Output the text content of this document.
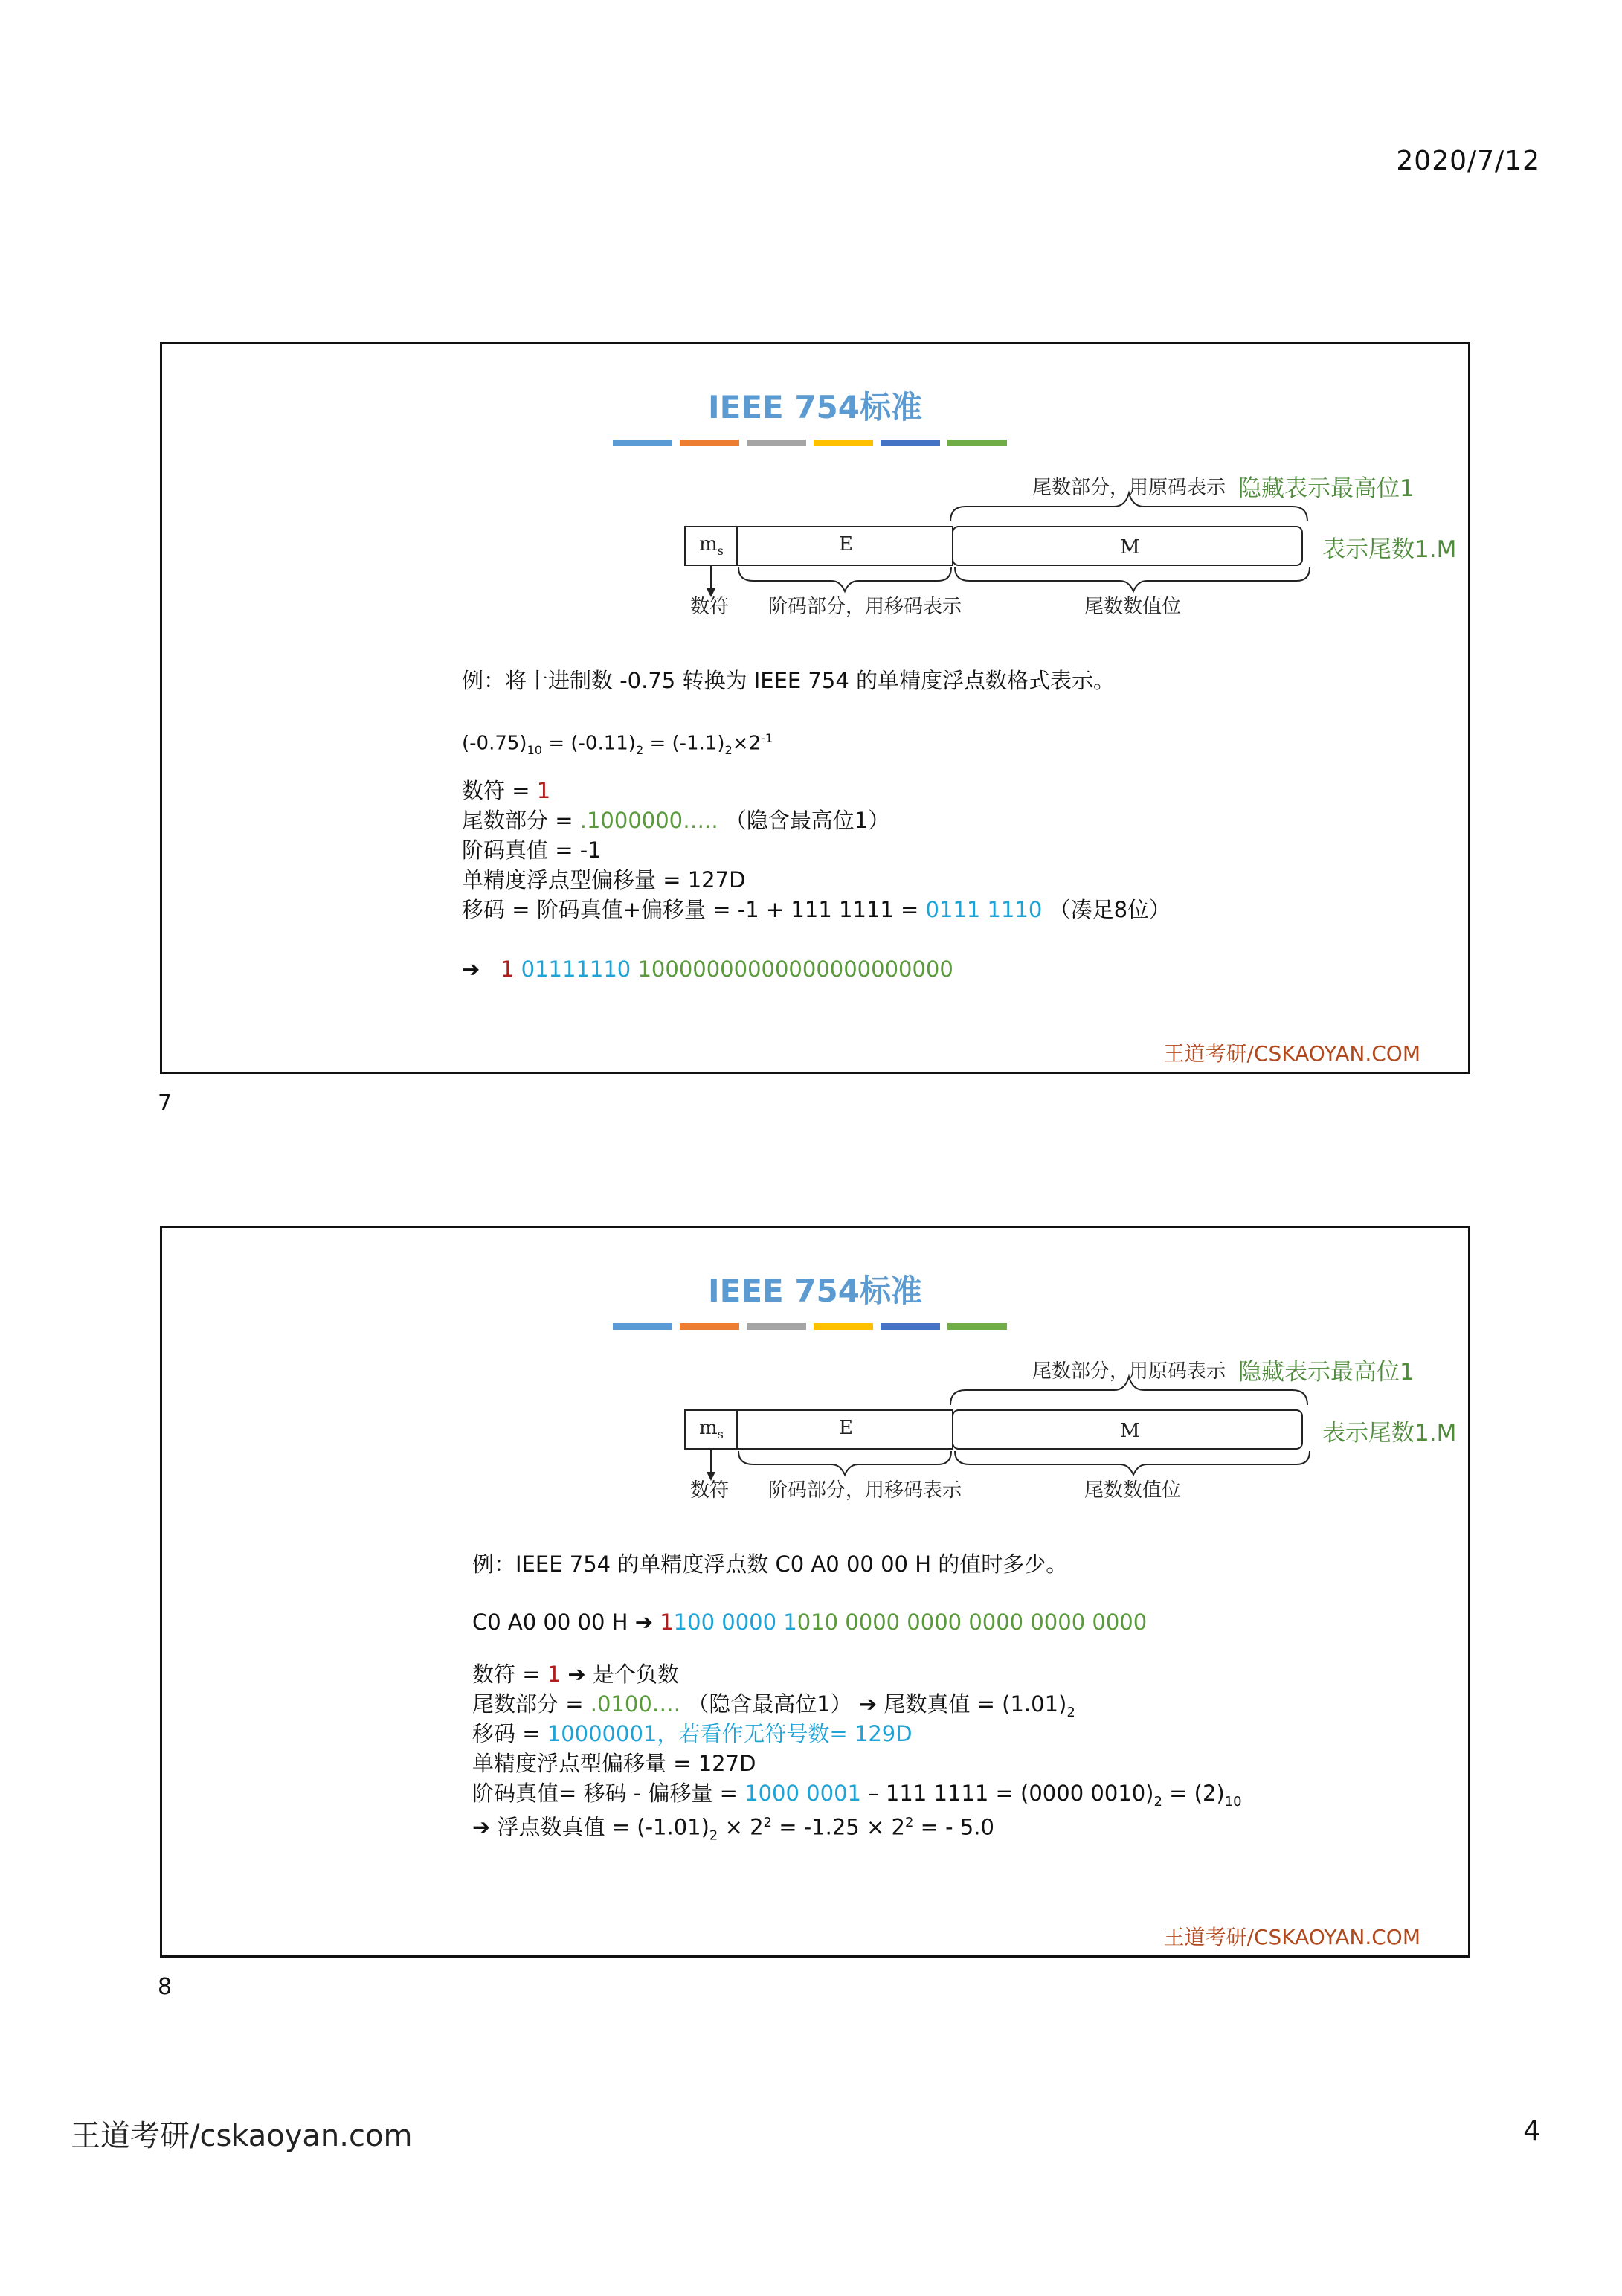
2020/7/12
IEEE 754标准
尾数部分，用原码表示 隐藏表示最高位1
表示尾数1.M
$m_s$	E	M
数符 阶码部分，用移码表示	尾数数值位
例：将十进制数 -0.75 转换为 IEEE 754 的单精度浮点数格式表示。
$(-0.75)_{10} = (-0.11)_2 = (-1.1)_2\times 2^{-1}$
数符 = 1
尾数部分 = .1000000….. （隐含最高位1）
阶码真值 = -1
单精度浮点型偏移量 = 127D
移码 = 阶码真值+偏移量 = -1 + 111 1111 = 0111 1110 （凑足8位）
➔ 1 01111110 10000000000000000000000
王道考研/CSKAOYAN.COM
7
IEEE 754标准
尾数部分，用原码表示 隐藏表示最高位1
表示尾数1.M
$m_s$	E	M
数符 阶码部分，用移码表示	尾数数值位
例：IEEE 754 的单精度浮点数 C0 A0 00 00 H 的值时多少。
C0 A0 00 00 H ➔ 1100 0000 1010 0000 0000 0000 0000 0000
数符 = 1 ➔ 是个负数
尾数部分 = .0100…. （隐含最高位1） ➔ 尾数真值 = $(1.01)_2$
移码 = 10000001，若看作无符号数= 129D
单精度浮点型偏移量 = 127D
阶码真值= 移码 - 偏移量 = 1000 0001 – 111 1111 = (0000 $0010)_2 = (2)_{10}$
➔ 浮点数真值 = $(-1.01)_2 \times 2^2 = -1.25 \times 2^2$ = - 5.0
王道考研/CSKAOYAN.COM
8
王道考研/cskaoyan.com	4
